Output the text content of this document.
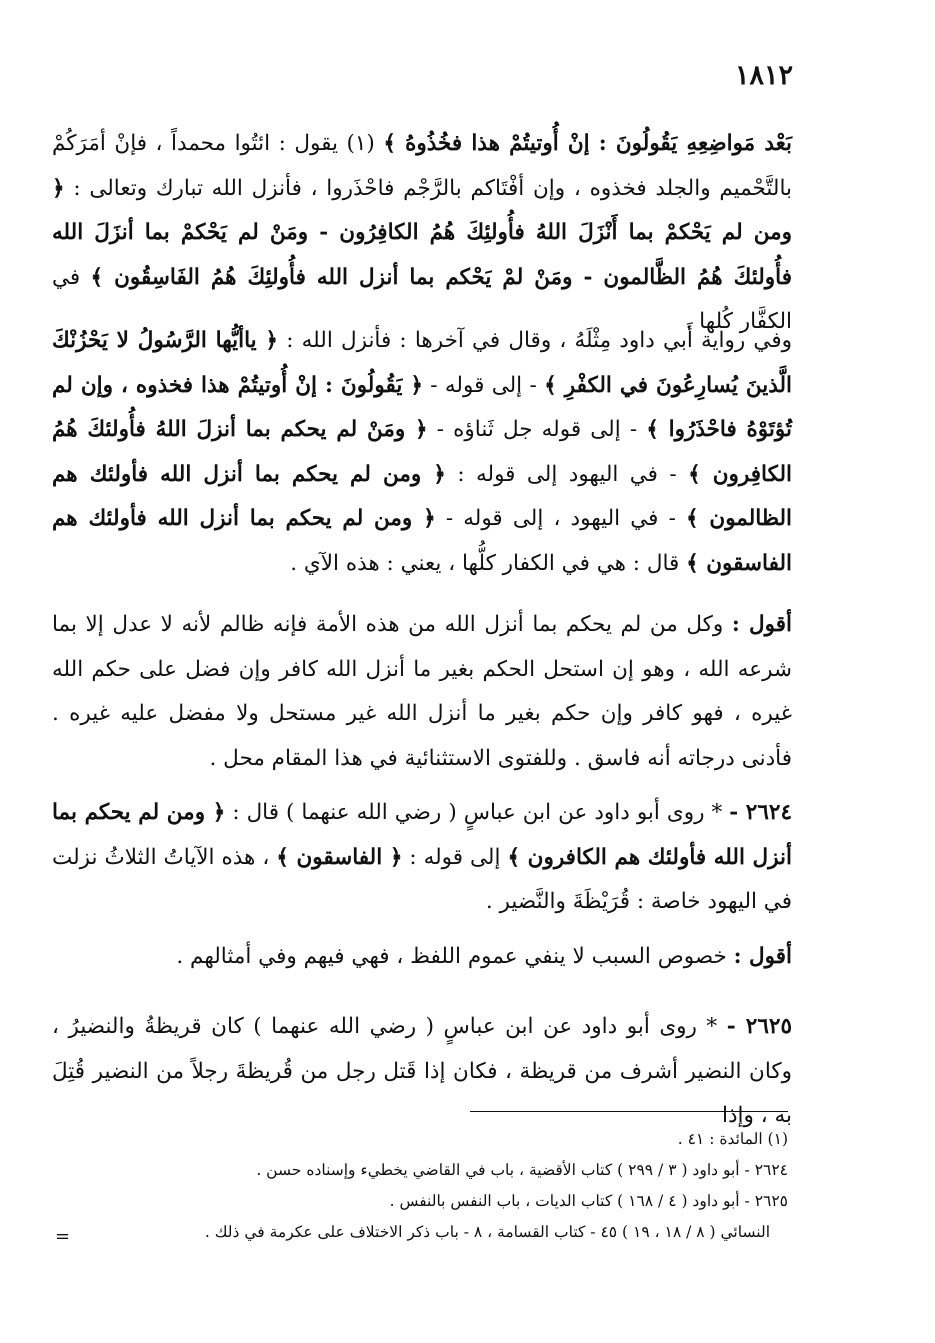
١٨١٢
بَعْد مَواضِعِهِ يَقُولُونَ : إنْ أُوتيتُمْ هذا فخُذُوهُ ﴾ (١) يقول : ائتُوا محمداً ، فإنْ أمَرَكُمْ بالتَّحْميم والجلد فخذوه ، وإن أفْتَاكم بالرَّجْم فاحْذَروا ، فأنزل الله تبارك وتعالى : ﴿ ومن لم يَحْكمْ بما أَنْزَلَ اللهُ فأُولئِكَ هُمُ الكافِرُون - ومَنْ لم يَحْكمْ بما أنزَلَ الله فأُولئكَ هُمُ الظَّالمون - ومَنْ لمْ يَحْكم بما أنزل الله فأُولئِكَ هُمُ الفَاسِقُون ﴾ في الكفَّار كُلها .
وفي رواية أَبي داود مِثْلَهُ ، وقال في آخرها : فأنزل الله : ﴿ ياأيُّها الرَّسُولُ لا يَحْزُنْكَ الَّذينَ يُسارِعُونَ في الكفْرِ ﴾ - إلى قوله - ﴿ يَقُولُونَ : إنْ أُوتيتُمْ هذا فخذوه ، وإن لم تُؤتَوْهُ فاحْذَرُوا ﴾ - إلى قوله جل ثَناؤه - ﴿ ومَنْ لم يحكم بما أنزلَ اللهُ فأُولئكَ هُمُ الكافِرون ﴾ - في اليهود إلى قوله : ﴿ ومن لم يحكم بما أنزل الله فأولئك هم الظالمون ﴾ - في اليهود ، إلى قوله - ﴿ ومن لم يحكم بما أنزل الله فأولئك هم الفاسقون ﴾ قال : هي في الكفار كلُّها ، يعني : هذه الآي .
أقول : وكل من لم يحكم بما أنزل الله من هذه الأمة فإنه ظالم لأنه لا عدل إلا بما شرعه الله ، وهو إن استحل الحكم بغير ما أنزل الله كافر وإن فضل على حكم الله غيره ، فهو كافر وإن حكم بغير ما أنزل الله غير مستحل ولا مفضل عليه غيره . فأدنى درجاته أنه فاسق . وللفتوى الاستثنائية في هذا المقام محل .
٢٦٢٤ - * روى أبو داود عن ابن عباسٍ ( رضي الله عنهما ) قال : ﴿ ومن لم يحكم بما أنزل الله فأولئك هم الكافرون ﴾ إلى قوله : ﴿ الفاسقون ﴾ ، هذه الآياتُ الثلاثُ نزلت في اليهود خاصة : قُرَيْظَةَ والنَّضير .
أقول : خصوص السبب لا ينفي عموم اللفظ ، فهي فيهم وفي أمثالهم .
٢٦٢٥ - * روى أبو داود عن ابن عباسٍ ( رضي الله عنهما ) كان قريظةُ والنضيرُ ، وكان النضير أشرف من قريظة ، فكان إذا قَتل رجل من قُريظةَ رجلاً من النضير قُتِلَ به ، وإذا
(١) المائدة : ٤١ .
٢٦٢٤ - أبو داود ( ٣ / ٢٩٩ ) كتاب الأقضية ، باب في القاضي يخطيء وإسناده حسن .
٢٦٢٥ - أبو داود ( ٤ / ١٦٨ ) كتاب الديات ، باب النفس بالنفس .
النسائي ( ٨ / ١٨ ، ١٩ ) ٤٥ - كتاب القسامة ، ٨ - باب ذكر الاختلاف على عكرمة في ذلك .
=
